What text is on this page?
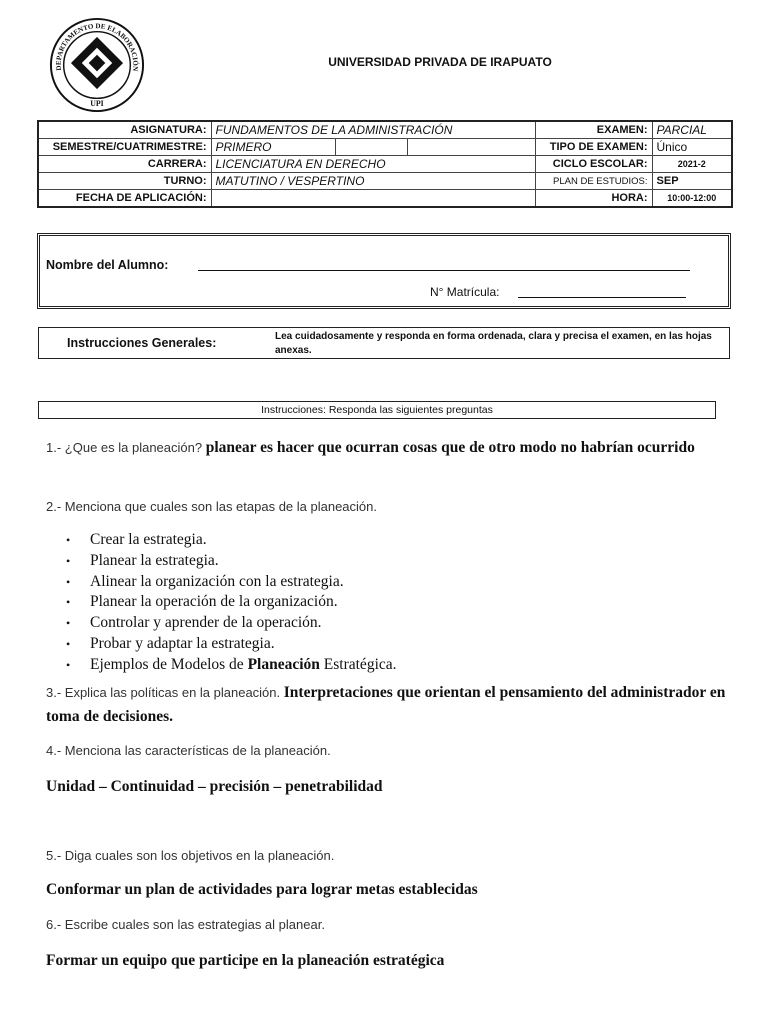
DEPARTAMENTO DE ELABORACIÓN
UPI
UNIVERSIDAD PRIVADA DE IRAPUATO
ASIGNATURA:	FUNDAMENTOS DE LA ADMINISTRACIÓN			EXAMEN:	PARCIAL
SEMESTRE/CUATRIMESTRE:	PRIMERO			TIPO DE EXAMEN:	Único
CARRERA:	LICENCIATURA EN DERECHO			CICLO ESCOLAR:	2021-2
TURNO:	MATUTINO / VESPERTINO			PLAN DE ESTUDIOS:	SEP
FECHA DE APLICACIÓN:				HORA:	10:00-12:00
Nombre del Alumno:
N° Matrícula:
Instrucciones Generales:	Lea cuidadosamente y responda en forma ordenada, clara y precisa el examen, en las hojas anexas.
Instrucciones: Responda las siguientes preguntas
1.- ¿Que es la planeación? planear es hacer que ocurran cosas que de otro modo no habrían ocurrido
2.- Menciona que cuales son las etapas de la planeación.
• Crear la estrategia.
• Planear la estrategia.
• Alinear la organización con la estrategia.
• Planear la operación de la organización.
• Controlar y aprender de la operación.
• Probar y adaptar la estrategia.
• Ejemplos de Modelos de Planeación Estratégica.
3.- Explica las políticas en la planeación. Interpretaciones que orientan el pensamiento del administrador en toma de decisiones.
4.- Menciona las características de la planeación.
Unidad – Continuidad – precisión – penetrabilidad
5.- Diga cuales son los objetivos en la planeación.
Conformar un plan de actividades para lograr metas establecidas
6.- Escribe cuales son las estrategias al planear.
Formar un equipo que participe en la planeación estratégica
